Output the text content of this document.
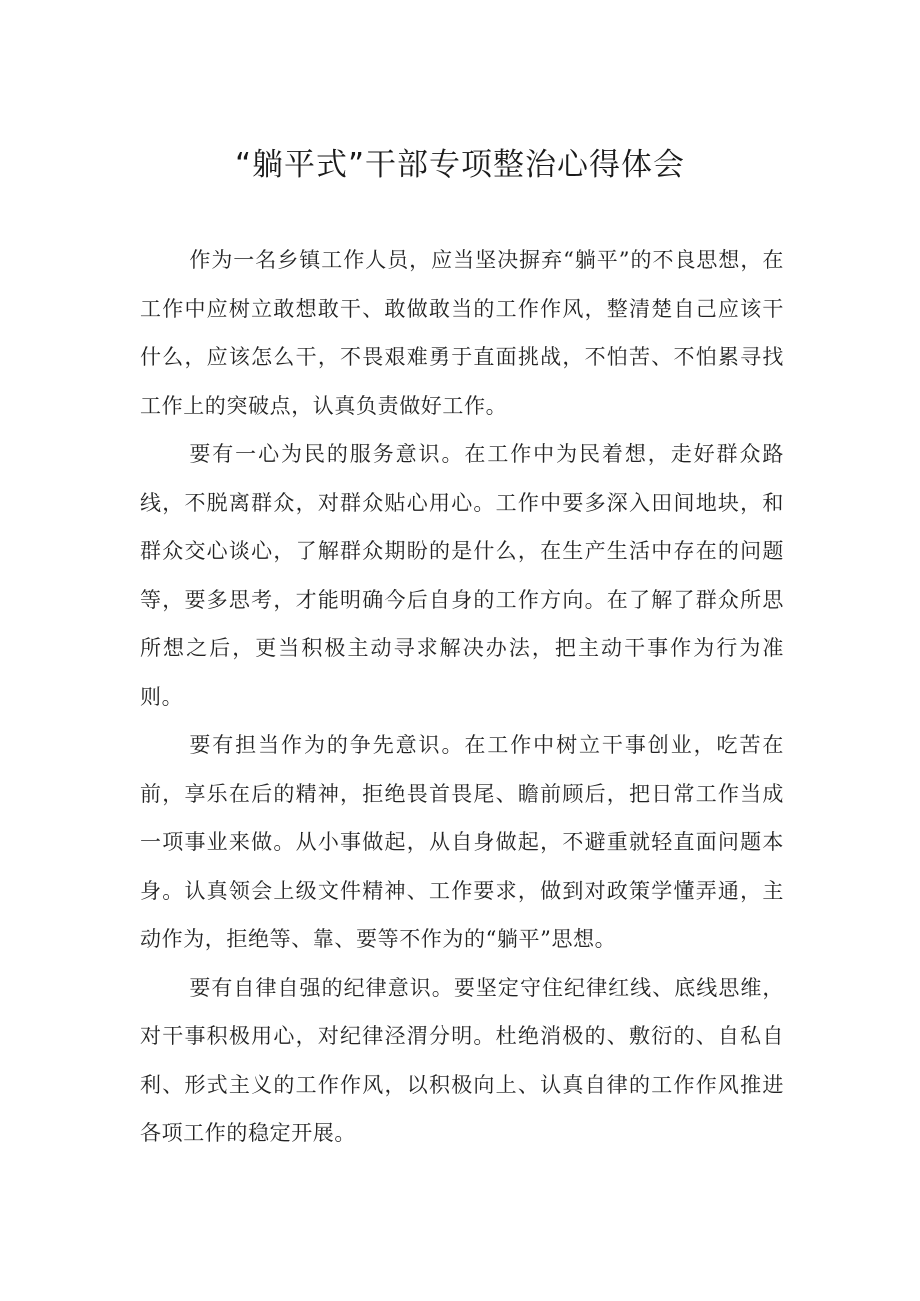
“躺平式”干部专项整治心得体会

作为一名乡镇工作人员，应当坚决摒弃“躺平”的不良思想，在工作中应树立敢想敢干、敢做敢当的工作作风，整清楚自己应该干什么，应该怎么干，不畏艰难勇于直面挑战，不怕苦、不怕累寻找工作上的突破点，认真负责做好工作。

要有一心为民的服务意识。在工作中为民着想，走好群众路线，不脱离群众，对群众贴心用心。工作中要多深入田间地块，和群众交心谈心，了解群众期盼的是什么，在生产生活中存在的问题等，要多思考，才能明确今后自身的工作方向。在了解了群众所思所想之后，更当积极主动寻求解决办法，把主动干事作为行为准则。

要有担当作为的争先意识。在工作中树立干事创业，吃苦在前，享乐在后的精神，拒绝畏首畏尾、瞻前顾后，把日常工作当成一项事业来做。从小事做起，从自身做起，不避重就轻直面问题本身。认真领会上级文件精神、工作要求，做到对政策学懂弄通，主动作为，拒绝等、靠、要等不作为的“躺平”思想。

要有自律自强的纪律意识。要坚定守住纪律红线、底线思维，对干事积极用心，对纪律泾渭分明。杜绝消极的、敷衍的、自私自利、形式主义的工作作风，以积极向上、认真自律的工作作风推进各项工作的稳定开展。
